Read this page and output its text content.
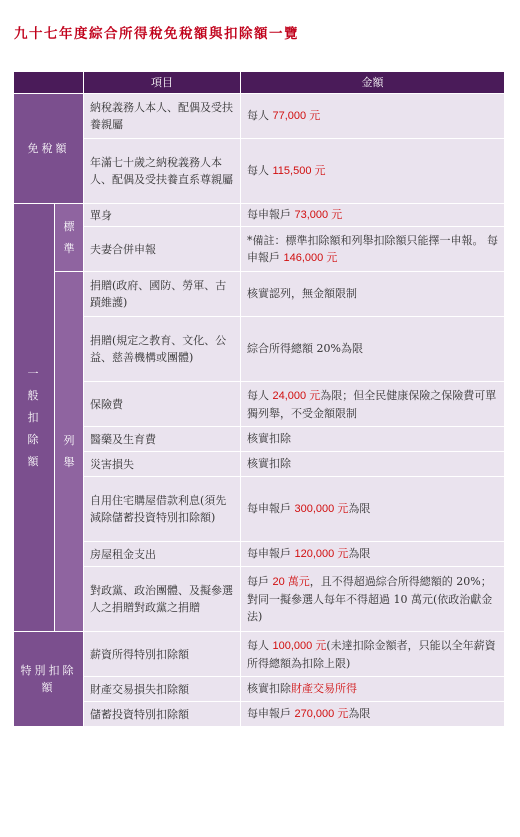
九十七年度綜合所得稅免稅額與扣除額一覽
		項目	金額
免稅額		納稅義務人本人、配偶及受扶養親屬	每人 77,000 元
		年滿七十歲之納稅義務人本人、配偶及受扶養直系尊親屬	每人 115,500 元
一般扣除額	標準	單身	每申報戶 73,000 元
		夫妻合併申報	*備註：標準扣除額和列舉扣除額只能擇一申報。 每申報戶 146,000 元
	列舉	捐贈(政府、國防、勞軍、古蹟維護)	核實認列，無金額限制
		捐贈(規定之教育、文化、公益、慈善機構或團體)	綜合所得總額 20%為限
		保險費	每人 24,000 元為限；但全民健康保險之保險費可單獨列舉，不受金額限制
		醫藥及生育費	核實扣除
		災害損失	核實扣除
		自用住宅購屋借款利息(須先減除儲蓄投資特別扣除額)	每申報戶 300,000 元為限
		房屋租金支出	每申報戶 120,000 元為限
		對政黨、政治團體、及擬參選人之捐贈對政黨之捐贈	每戶 20 萬元，且不得超過綜合所得總額的 20%；對同一擬參選人每年不得超過 10 萬元(依政治獻金法)
特別扣除額		薪資所得特別扣除額	每人 100,000 元(未達扣除金額者，只能以全年薪資所得總額為扣除上限)
		財產交易損失扣除額	核實扣除財產交易所得
		儲蓄投資特別扣除額	每申報戶 270,000 元為限
